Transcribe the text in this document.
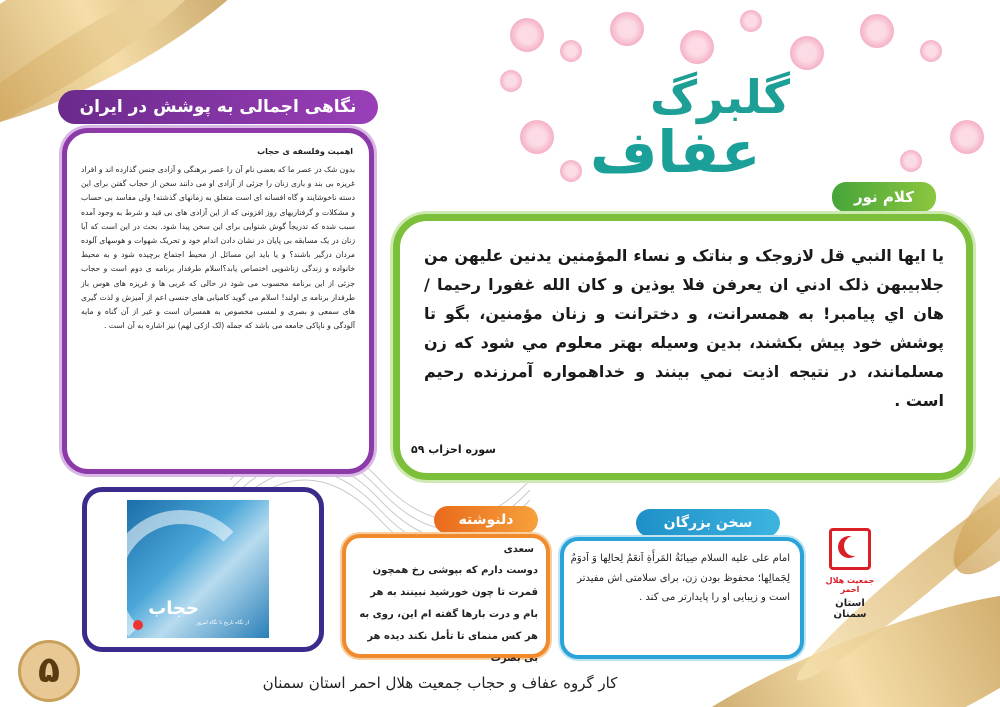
گلبرگ
عفاف
نگاهی اجمالی به پوشش در ایران
اهمیت وفلسفه ی حجاب
بدون شک در عصر ما که بعضی نام آن را عصر برهنگی و آزادی جنس گذارده اند و افراد غریزه بی بند و باری زنان را جزئی از آزادی او می دانند سخن از حجاب گفتن برای این دسته ناخوشایند و گاه افسانه ای است متعلق به زمانهای گذشته! ولی مفاسد بی حساب و مشکلات و گرفتاریهای روز افزونی که از این آزادی های بی قید و شرط به وجود آمده سبب شده که تدریجاً گوش شنوایی برای این سخن پیدا شود. بحث در این است که آیا زنان در یک مسابقه بی پایان در نشان دادن اندام خود و تحریک شهوات و هوسهای آلوده مردان درگیر باشند؟ و یا باید این مسائل از محیط اجتماع برچیده شود و به محیط خانواده و زندگی زناشویی اختصاص یابد؟اسلام طرفدار برنامه ی دوم است و حجاب جزئی از این برنامه محسوب می شود در حالی که غربی ها و غریزه های هوس باز طرفدار برنامه ی اولند! اسلام می گوید کامیابی های جنسی اعم از آمیزش و لذت گیری های سمعی و بصری و لمسی مخصوص به همسران است و غیر از آن گناه و مایه آلودگی و ناپاکی جامعه می باشد که جمله (لک ازکی لهم) نیز اشاره به آن است .
کلام نور
يا ايها النبي قل لازوجک و بناتک و نساء المؤمنين يدنين عليهن من جلابيبهن ذلک ادني ان يعرفن فلا يوذين و کان الله غفورا رحيما / هان اي پيامبر! به همسرانت، و دخترانت و زنان مؤمنين، بگو تا پوشش خود پيش بکشند، بدين وسيله بهتر معلوم مي شود که زن مسلمانند، در نتيجه اذيت نمي بينند و خداهمواره آمرزنده رحيم است .
سوره احزاب ۵۹
حجاب
از نگاه تاریخ تا نگاه امروز
دلنوشته
سعدی
دوست دارم که بپوشی رخ همچون قمرت تا چون خورشید نبینند به هر بام و درت بارها گفته ام این، روی به هر کس منمای تا تأمل نکند دیده هر بی بصرت
سخن بزرگان
امام علی علیه السلام صِیانَةُ المَرأَةِ اَنعَمُ لِحالِها وَ اَدوَمُ لِجَمالِها؛ محفوظ بودن زن، برای سلامتی اش مفیدتر است و زیبایی او را پایدارتر می کند .
جمعیت هلال احمر
استان سمنان
۵	کار گروه عفاف و حجاب جمعیت هلال احمر استان سمنان
